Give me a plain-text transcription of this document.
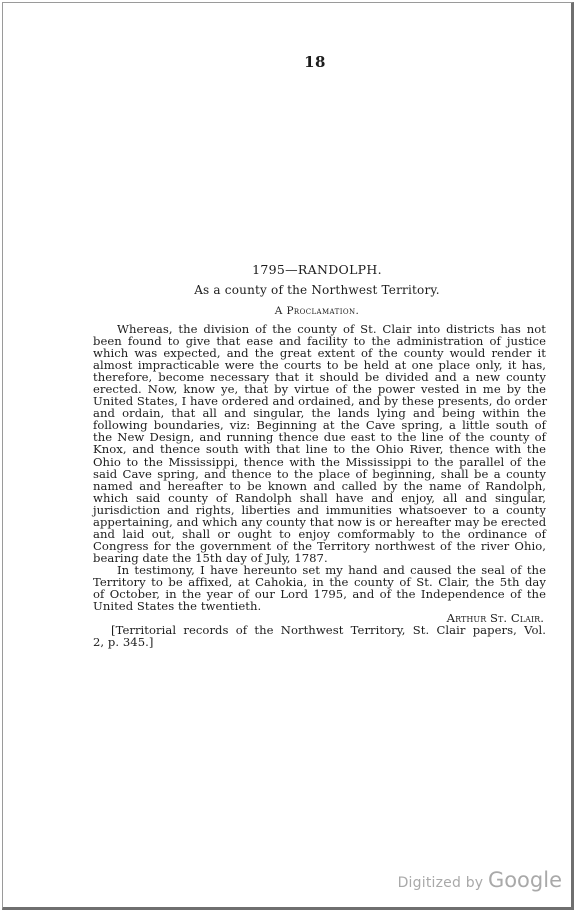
18
1795—RANDOLPH.
As a county of the Northwest Territory.
A Proclamation.
Whereas, the division of the county of St. Clair into districts has not
been found to give that ease and facility to the administration of justice
which was expected, and the great extent of the county would render it
almost impracticable were the courts to be held at one place only, it has,
therefore, become necessary that it should be divided and a new county
erected. Now, know ye, that by virtue of the power vested in me by the
United States, I have ordered and ordained, and by these presents, do order
and ordain, that all and singular, the lands lying and being within the
following boundaries, viz: Beginning at the Cave spring, a little south of
the New Design, and running thence due east to the line of the county of
Knox, and thence south with that line to the Ohio River, thence with the
Ohio to the Mississippi, thence with the Mississippi to the parallel of the
said Cave spring, and thence to the place of beginning, shall be a county
named and hereafter to be known and called by the name of Randolph,
which said county of Randolph shall have and enjoy, all and singular,
jurisdiction and rights, liberties and immunities whatsoever to a county
appertaining, and which any county that now is or hereafter may be erected
and laid out, shall or ought to enjoy comformably to the ordinance of
Congress for the government of the Territory northwest of the river Ohio,
bearing date the 15th day of July, 1787.
In testimony, I have hereunto set my hand and caused the seal of the
Territory to be affixed, at Cahokia, in the county of St. Clair, the 5th day
of October, in the year of our Lord 1795, and of the Independence of the
United States the twentieth.
Arthur St. Clair.
[Territorial records of the Northwest Territory, St. Clair papers, Vol.
2, p. 345.]
Digitized by Google
